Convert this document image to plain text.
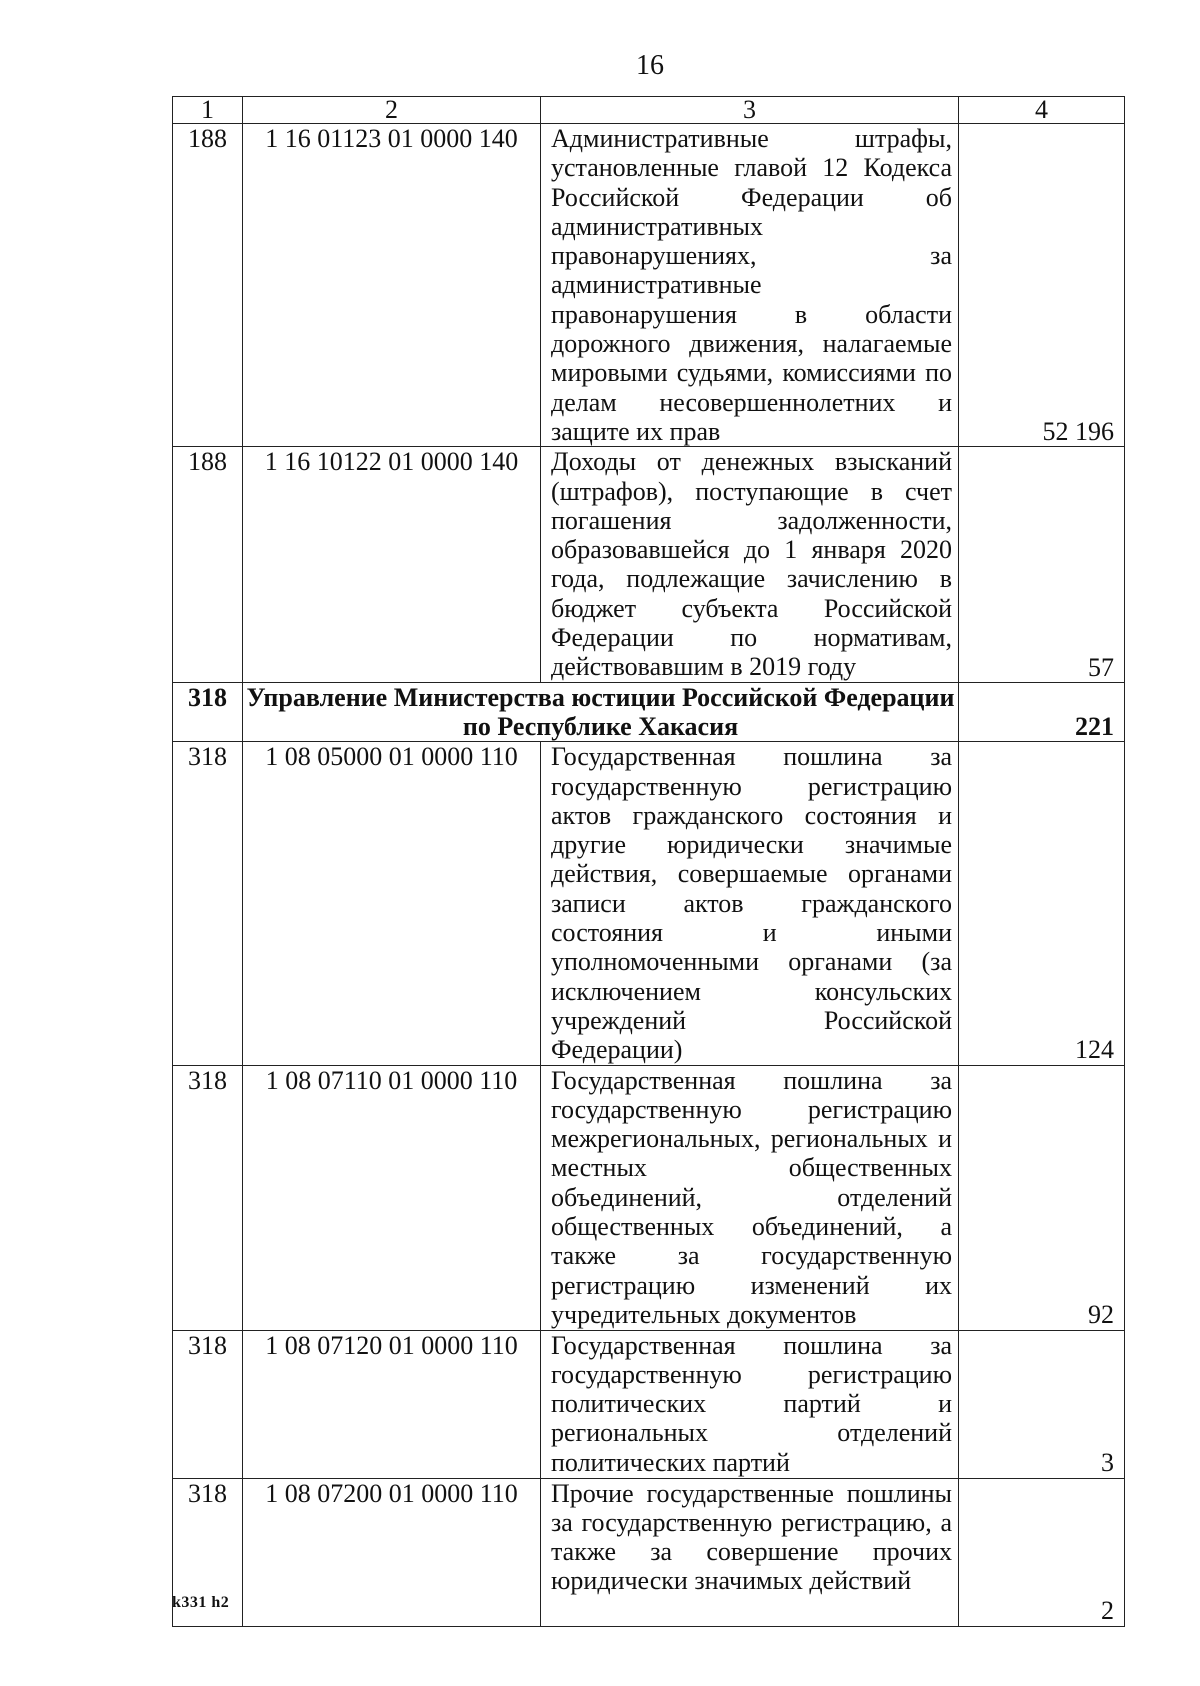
16
1	2	3	4
188	1 16 01123 01 0000 140	Административные штрафы, установленные главой 12 Кодекса Российской Федерации об административных правонарушениях, за административные правонарушения в области дорожного движения, налагаемые мировыми судьями, комиссиями по делам несовершеннолетних и защите их прав	52 196
188	1 16 10122 01 0000 140	Доходы от денежных взысканий (штрафов), поступающие в счет погашения задолженности, образовавшейся до 1 января 2020 года, подлежащие зачислению в бюджет субъекта Российской Федерации по нормативам, действовавшим в 2019 году	57
318	Управление Министерства юстиции Российской Федерации по Республике Хакасия		221
318	1 08 05000 01 0000 110	Государственная пошлина за государственную регистрацию актов гражданского состояния и другие юридически значимые действия, совершаемые органами записи актов гражданского состояния и иными уполномоченными органами (за исключением консульских учреждений Российской Федерации)	124
318	1 08 07110 01 0000 110	Государственная пошлина за государственную регистрацию межрегиональных, региональных и местных общественных объединений, отделений общественных объединений, а также за государственную регистрацию изменений их учредительных документов	92
318	1 08 07120 01 0000 110	Государственная пошлина за государственную регистрацию политических партий и региональных отделений политических партий	3
318	1 08 07200 01 0000 110	Прочие государственные пошлины за государственную регистрацию, а также за совершение прочих юридически значимых действий	2
k331 h2
